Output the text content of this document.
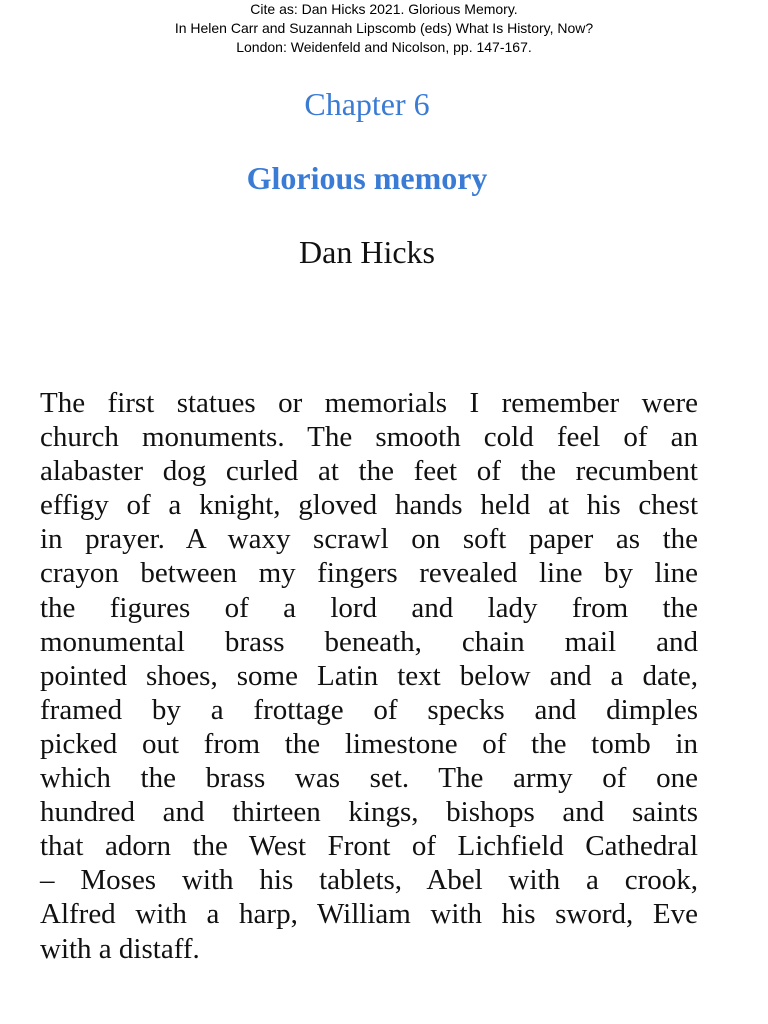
Cite as: Dan Hicks 2021. Glorious Memory.
In Helen Carr and Suzannah Lipscomb (eds) What Is History, Now?
London: Weidenfeld and Nicolson, pp. 147-167.
Chapter 6
Glorious memory
Dan Hicks
The first statues or memorials I remember were
church monuments. The smooth cold feel of an
alabaster dog curled at the feet of the recumbent
effigy of a knight, gloved hands held at his chest
in prayer. A waxy scrawl on soft paper as the
crayon between my fingers revealed line by line
the figures of a lord and lady from the
monumental brass beneath, chain mail and
pointed shoes, some Latin text below and a date,
framed by a frottage of specks and dimples
picked out from the limestone of the tomb in
which the brass was set. The army of one
hundred and thirteen kings, bishops and saints
that adorn the West Front of Lichfield Cathedral
– Moses with his tablets, Abel with a crook,
Alfred with a harp, William with his sword, Eve
with a distaff.
